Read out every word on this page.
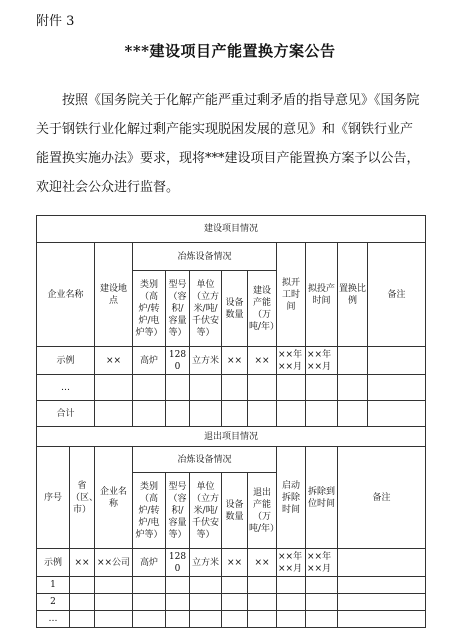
附件 3
***建设项目产能置换方案公告
按照《国务院关于化解产能严重过剩矛盾的指导意见》《国务院关于钢铁行业化解过剩产能实现脱困发展的意见》和《钢铁行业产能置换实施办法》要求，现将***建设项目产能置换方案予以公告，欢迎社会公众进行监督。
建设项目情况											
企业名称		建设地点	冶炼设备情况					拟开工时间	拟投产时间	置换比例	备注
			类别（高炉/转炉/电炉等）	型号（容积/容量等）	单位（立方米/吨/千伏安等）	设备数量	建设产能（万吨/年）				
示例		××	高炉	1280	立方米	××	××	××年××月	××年××月		
…											
合计											
退出项目情况											
序号	省（区、市）	企业名称	冶炼设备情况					启动拆除时间	拆除到位时间	备注	
			类别（高炉/转炉/电炉等）	型号（容积/容量等）	单位（立方米/吨/千伏安等）	设备数量	退出产能（万吨/年）				
示例	××	××公司	高炉	1280	立方米	××	××	××年××月	××年××月		
1											
2											
…											
